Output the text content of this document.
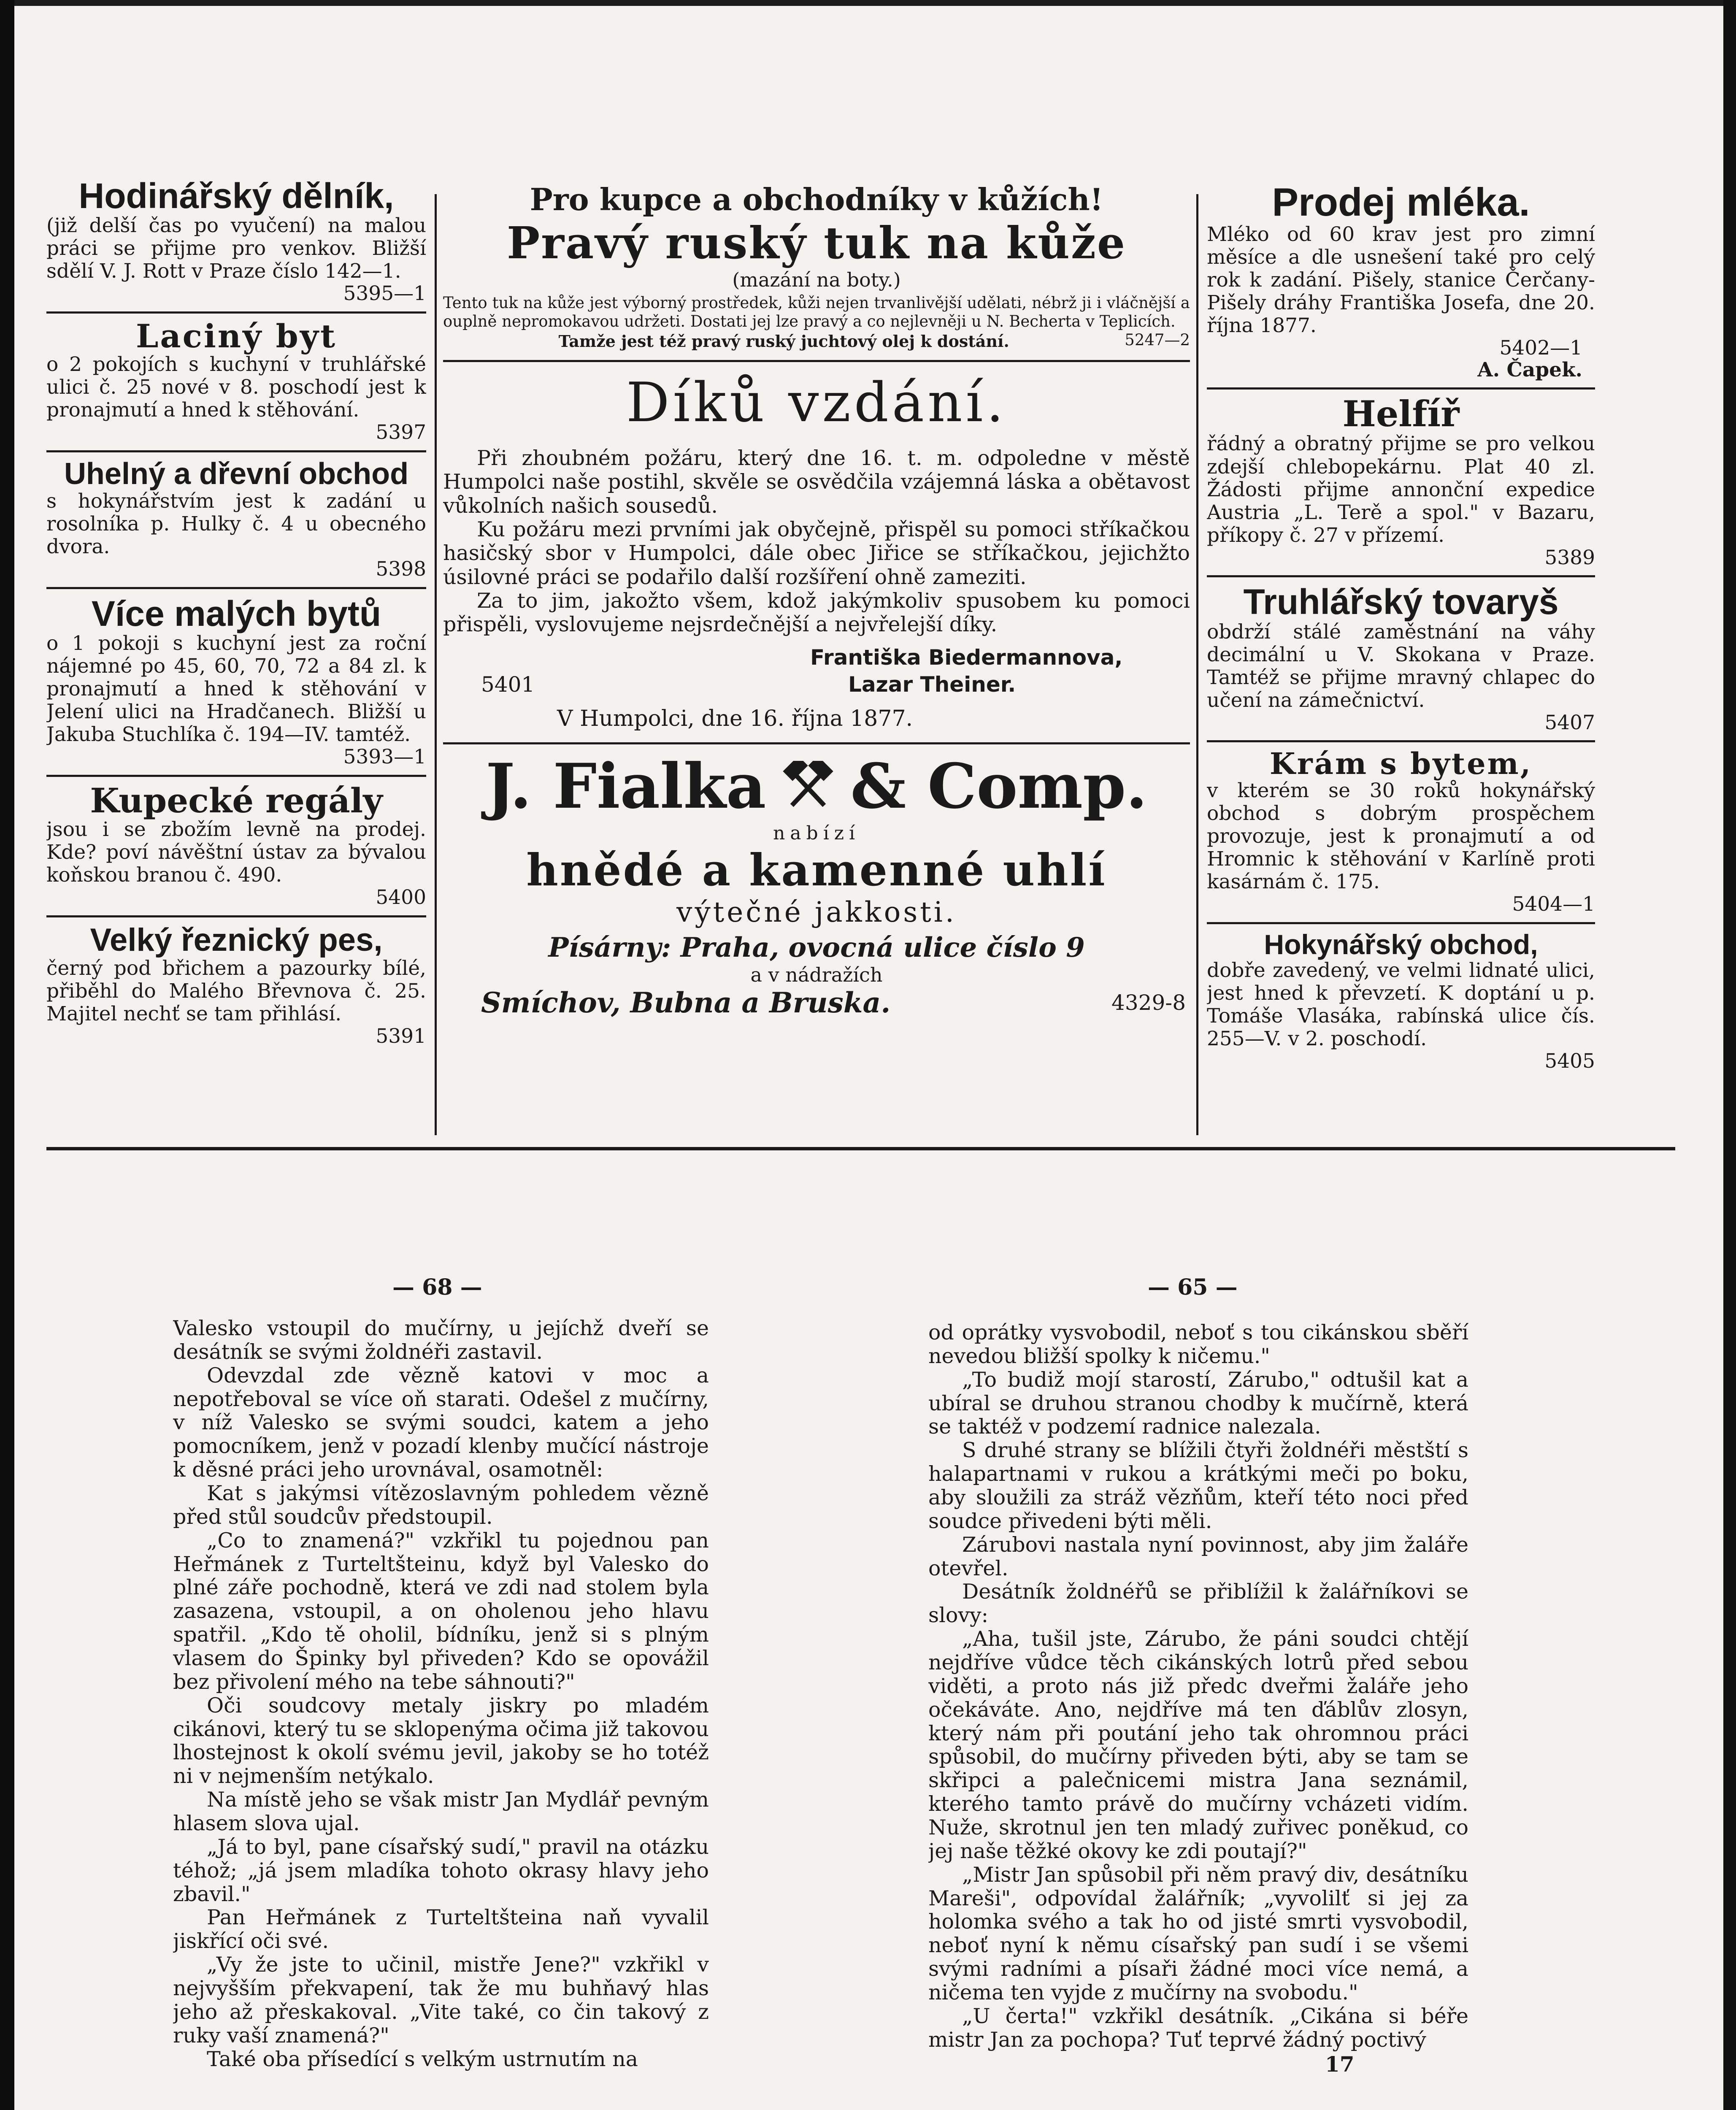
Hodinářský dělník,
(již delší čas po vyučení) na malou práci se přijme pro venkov. Bližší sdělí V. J. Rott v Praze číslo 142—1.
5395—1
Laciný byt
o 2 pokojích s kuchyní v truhlářské ulici č. 25 nové v 8. poschodí jest k pronajmutí a hned k stěhování.
5397
Uhelný a dřevní obchod
s hokynářstvím jest k zadání u rosolníka p. Hulky č. 4 u obecného dvora.
5398
Více malých bytů
o 1 pokoji s kuchyní jest za roční nájemné po 45, 60, 70, 72 a 84 zl. k pronajmutí a hned k stěhování v Jelení ulici na Hradčanech. Bližší u Jakuba Stuchlíka č. 194—IV. tamtéž.
5393—1
Kupecké regály
jsou i se zbožím levně na prodej. Kde? poví návěštní ústav za bývalou koňskou branou č. 490.
5400
Velký řeznický pes,
černý pod břichem a pazourky bílé, přiběhl do Malého Břevnova č. 25. Majitel nechť se tam přihlásí.
5391
Pro kupce a obchodníky v kůžích!
Pravý ruský tuk na kůže
(mazání na boty.)
Tento tuk na kůže jest výborný prostředek, kůži nejen trvanlivější udělati, nébrž ji i vláčnější a ouplně nepromokavou udržeti. Dostati jej lze pravý a co nejlevněji u N. Becherta v Teplicích.
5247—2
Tamže jest též pravý ruský juchtový olej k dostání.
Díků vzdání.
Při zhoubném požáru, který dne 16. t. m. odpoledne v městě Humpolci naše postihl, skvěle se osvědčila vzájemná láska a obětavost vůkolních našich sousedů.
Ku požáru mezi prvními jak obyčejně, přispěl su pomoci stříkačkou hasičský sbor v Humpolci, dále obec Jiřice se stříkačkou, jejichžto úsilovné práci se podařilo další rozšíření ohně zameziti.
Za to jim, jakožto všem, kdož jakýmkoliv spusobem ku pomoci přispěli, vyslovujeme nejsrdečnější a nejvřelejší díky.
Františka Biedermannova,
5401	Lazar Theiner.
V Humpolci, dne 16. října 1877.
J. Fialka & Comp.
nabízí
hnědé a kamenné uhlí
výtečné jakkosti.
Písárny: Praha, ovocná ulice číslo 9
a v nádražích
Smíchov, Bubna a Bruska.	4329-8
Prodej mléka.
Mléko od 60 krav jest pro zimní měsíce a dle usnešení také pro celý rok k zadání. Pišely, stanice Čerčany-Pišely dráhy Františka Josefa, dne 20. října 1877.
5402—1
A. Čapek.
Helfíř
řádný a obratný přijme se pro velkou zdejší chlebopekárnu. Plat 40 zl. Žádosti přijme annonční expedice Austria „L. Terě a spol." v Bazaru, příkopy č. 27 v přízemí.
5389
Truhlářský tovaryš
obdrží stálé zaměstnání na váhy decimální u V. Skokana v Praze. Tamtéž se přijme mravný chlapec do učení na zámečnictví.
5407
Krám s bytem,
v kterém se 30 roků hokynářský obchod s dobrým prospěchem provozuje, jest k pronajmutí a od Hromnic k stěhování v Karlíně proti kasárnám č. 175.
5404—1
Hokynářský obchod,
dobře zavedený, ve velmi lidnaté ulici, jest hned k převzetí. K doptání u p. Tomáše Vlasáka, rabínská ulice čís. 255—V. v 2. poschodí.
5405
— 68 —

Valesko vstoupil do mučírny, u jejíchž dveří se desátník se svými žoldnéři zastavil.

Odevzdal zde vězně katovi v moc a nepotřeboval se více oň starati. Odešel z mučírny, v níž Valesko se svými soudci, katem a jeho pomocníkem, jenž v pozadí klenby mučící nástroje k děsné práci jeho urovnával, osamotněl:

Kat s jakýmsi vítězoslavným pohledem vězně před stůl soudcův předstoupil.

„Co to znamená?" vzkřikl tu pojednou pan Heřmánek z Turteltšteinu, když byl Valesko do plné záře pochodně, která ve zdi nad stolem byla zasazena, vstoupil, a on oholenou jeho hlavu spatřil. „Kdo tě oholil, bídníku, jenž si s plným vlasem do Špinky byl přiveden? Kdo se opovážil bez přivolení mého na tebe sáhnouti?"

Oči soudcovy metaly jiskry po mladém cikánovi, který tu se sklopenýma očima již takovou lhostejnost k okolí svému jevil, jakoby se ho totéž ni v nejmenším netýkalo.

Na místě jeho se však mistr Jan Mydlář pevným hlasem slova ujal.

„Já to byl, pane císařský sudí," pravil na otázku téhož; „já jsem mladíka tohoto okrasy hlavy jeho zbavil."

Pan Heřmánek z Turteltšteina naň vyvalil jiskřící oči své.

„Vy že jste to učinil, mistře Jene?" vzkřikl v nejvyšším překvapení, tak že mu buhňavý hlas jeho až přeskakoval. „Vite také, co čin takový z ruky vaší znamená?"

Také oba přísedící s velkým ustrnutím na

— 65 —

od oprátky vysvobodil, neboť s tou cikánskou sběří nevedou bližší spolky k ničemu."

„To budiž mojí starostí, Zárubo," odtušil kat a ubíral se druhou stranou chodby k mučírně, která se taktéž v podzemí radnice nalezala.

S druhé strany se blížili čtyři žoldnéři městští s halapartnami v rukou a krátkými meči po boku, aby sloužili za stráž vězňům, kteří této noci před soudce přivedeni býti měli.

Zárubovi nastala nyní povinnost, aby jim žaláře otevřel.

Desátník žoldnéřů se přiblížil k žalářníkovi se slovy:

„Aha, tušil jste, Zárubo, že páni soudci chtějí nejdříve vůdce těch cikánských lotrů před sebou viděti, a proto nás již předc dveřmi žaláře jeho očekáváte. Ano, nejdříve má ten ďáblův zlosyn, který nám při poutání jeho tak ohromnou práci spůsobil, do mučírny přiveden býti, aby se tam se skřipci a palečnicemi mistra Jana seznámil, kteréhо tamto právě do mučírny vcházeti vidím. Nuže, skrotnul jen ten mladý zuřivec poněkud, co jej naše těžké okovy ke zdi poutají?"

„Mistr Jan spůsobil při něm pravý div, desátníku Mareši", odpovídal žalářník; „vyvolilť si jej za holomka svého a tak ho od jisté smrti vysvobodil, neboť nyní k němu císařský pan sudí i se všemi svými radními a písaři žádné moci více nemá, a ničema ten vyjde z mučírny na svobodu."

„U čerta!" vzkřikl desátník. „Cikána si béře mistr Jan za pochopa? Tuť teprvé žádný poctivý

17
